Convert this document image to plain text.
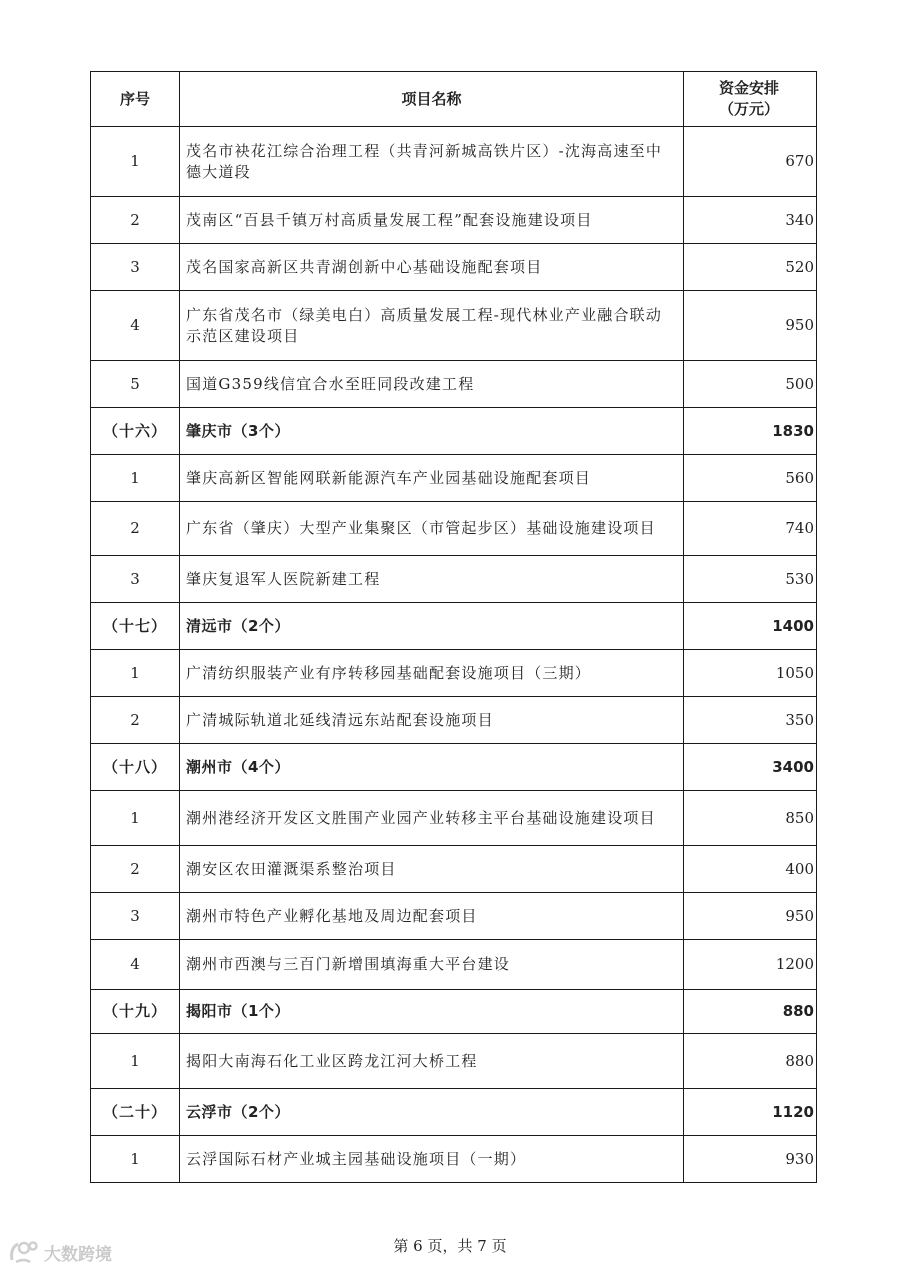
序号	项目名称	资金安排
（万元）

1	茂名市袂花江综合治理工程（共青河新城高铁片区）-沈海高速至中德大道段	670
2	茂南区“百县千镇万村高质量发展工程”配套设施建设项目	340
3	茂名国家高新区共青湖创新中心基础设施配套项目	520
4	广东省茂名市（绿美电白）高质量发展工程-现代林业产业融合联动示范区建设项目	950
5	国道G359线信宜合水至旺同段改建工程	500
（十六）	肇庆市（3个）	1830
1	肇庆高新区智能网联新能源汽车产业园基础设施配套项目	560
2	广东省（肇庆）大型产业集聚区（市管起步区）基础设施建设项目	740
3	肇庆复退军人医院新建工程	530
（十七）	清远市（2个）	1400
1	广清纺织服装产业有序转移园基础配套设施项目（三期）	1050
2	广清城际轨道北延线清远东站配套设施项目	350
（十八）	潮州市（4个）	3400
1	潮州港经济开发区文胜围产业园产业转移主平台基础设施建设项目	850
2	潮安区农田灌溉渠系整治项目	400
3	潮州市特色产业孵化基地及周边配套项目	950
4	潮州市西澳与三百门新增围填海重大平台建设	1200
（十九）	揭阳市（1个）	880
1	揭阳大南海石化工业区跨龙江河大桥工程	880
（二十）	云浮市（2个）	1120
1	云浮国际石材产业城主园基础设施项目（一期）	930
第 6 页，共 7 页
大数跨境
